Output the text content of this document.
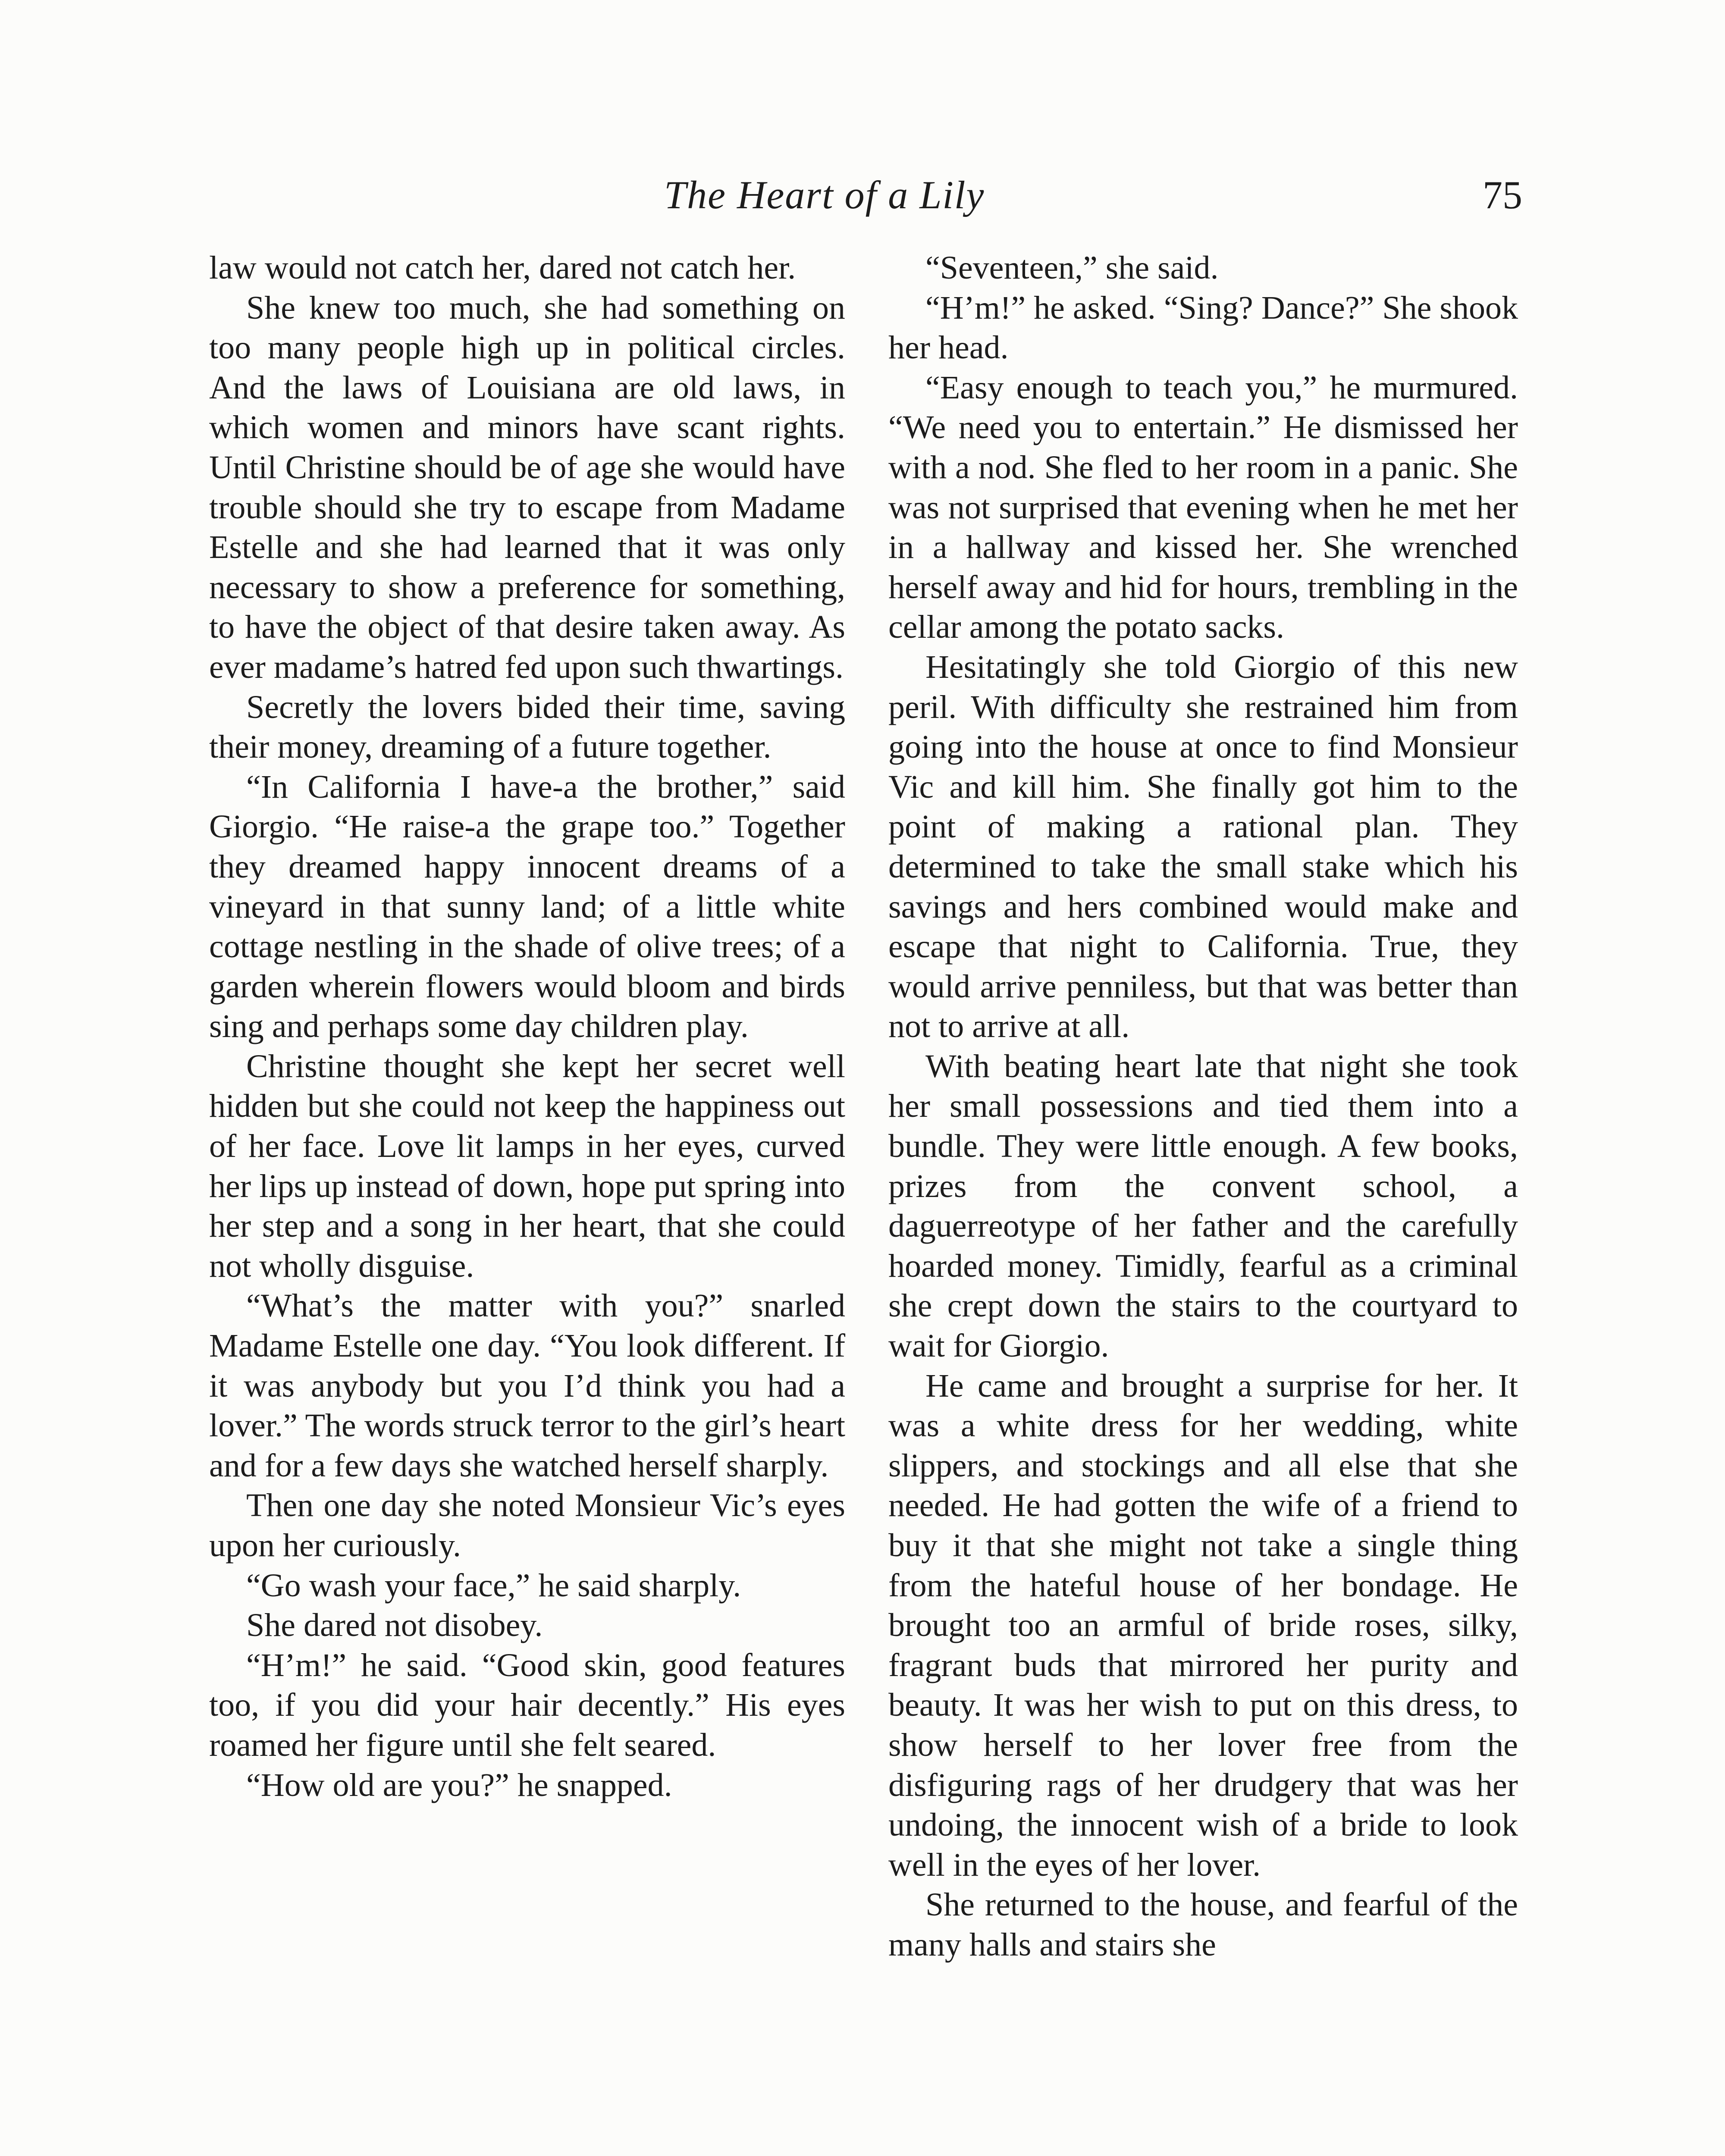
The Heart of a Lily	75

law would not catch her, dared not catch her.

She knew too much, she had something on too many people high up in political circles. And the laws of Louisiana are old laws, in which women and minors have scant rights. Until Christine should be of age she would have trouble should she try to escape from Madame Estelle and she had learned that it was only necessary to show a preference for something, to have the object of that desire taken away. As ever madame’s hatred fed upon such thwartings.

Secretly the lovers bided their time, saving their money, dreaming of a future together.

“In California I have-a the brother,” said Giorgio. “He raise-a the grape too.” Together they dreamed happy innocent dreams of a vineyard in that sunny land; of a little white cottage nestling in the shade of olive trees; of a garden wherein flowers would bloom and birds sing and perhaps some day children play.

Christine thought she kept her secret well hidden but she could not keep the happiness out of her face. Love lit lamps in her eyes, curved her lips up instead of down, hope put spring into her step and a song in her heart, that she could not wholly disguise.

“What’s the matter with you?” snarled Madame Estelle one day. “You look different. If it was anybody but you I’d think you had a lover.” The words struck terror to the girl’s heart and for a few days she watched herself sharply.

Then one day she noted Monsieur Vic’s eyes upon her curiously.

“Go wash your face,” he said sharply.

She dared not disobey.

“H’m!” he said. “Good skin, good features too, if you did your hair decently.” His eyes roamed her figure until she felt seared.

“How old are you?” he snapped.

“Seventeen,” she said.

“H’m!” he asked. “Sing? Dance?” She shook her head.

“Easy enough to teach you,” he murmured. “We need you to entertain.” He dismissed her with a nod. She fled to her room in a panic. She was not surprised that evening when he met her in a hallway and kissed her. She wrenched herself away and hid for hours, trembling in the cellar among the potato sacks.

Hesitatingly she told Giorgio of this new peril. With difficulty she restrained him from going into the house at once to find Monsieur Vic and kill him. She finally got him to the point of making a rational plan. They determined to take the small stake which his savings and hers combined would make and escape that night to California. True, they would arrive penniless, but that was better than not to arrive at all.

With beating heart late that night she took her small possessions and tied them into a bundle. They were little enough. A few books, prizes from the convent school, a daguerreotype of her father and the carefully hoarded money. Timidly, fearful as a criminal she crept down the stairs to the courtyard to wait for Giorgio.

He came and brought a surprise for her. It was a white dress for her wedding, white slippers, and stockings and all else that she needed. He had gotten the wife of a friend to buy it that she might not take a single thing from the hateful house of her bondage. He brought too an armful of bride roses, silky, fragrant buds that mirrored her purity and beauty. It was her wish to put on this dress, to show herself to her lover free from the disfiguring rags of her drudgery that was her undoing, the innocent wish of a bride to look well in the eyes of her lover.

She returned to the house, and fearful of the many halls and stairs she
